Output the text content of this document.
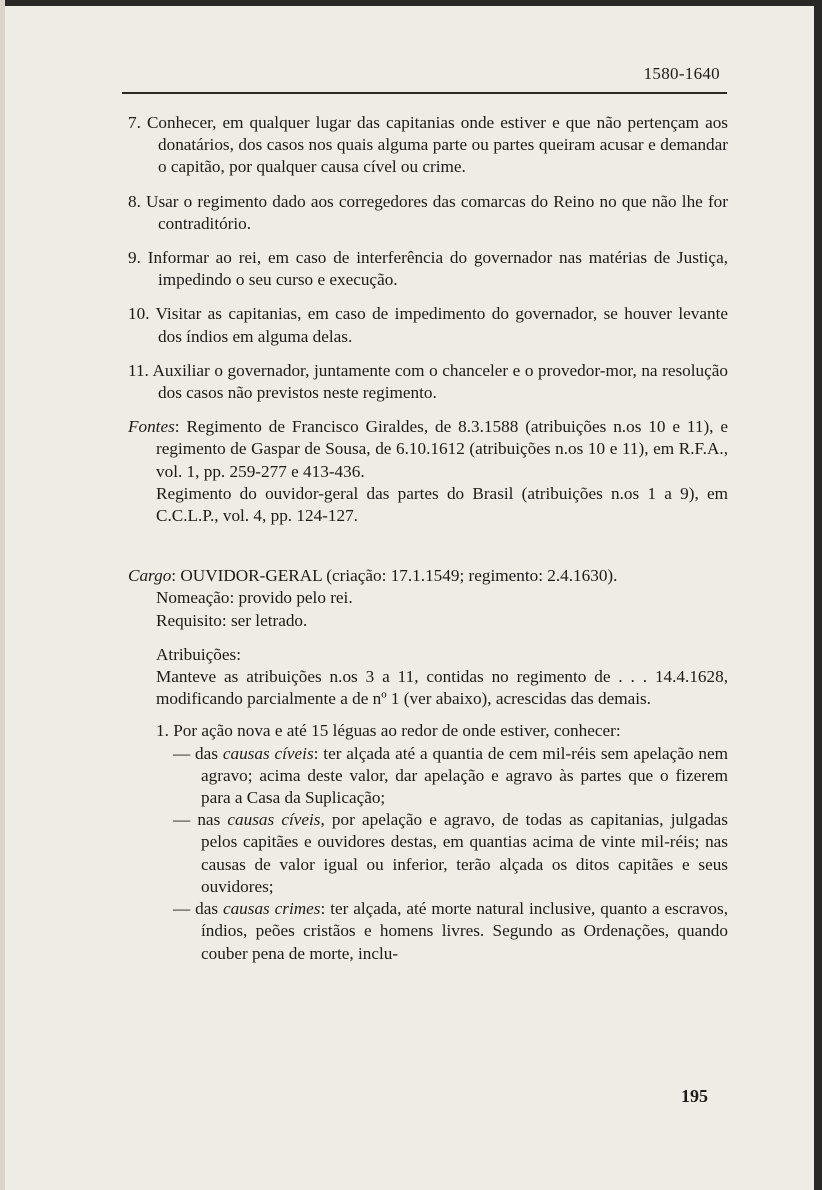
1580-1640

7. Conhecer, em qualquer lugar das capitanias onde estiver e que não pertençam aos donatários, dos casos nos quais alguma parte ou partes queiram acusar e demandar o capitão, por qualquer causa cível ou crime.

8. Usar o regimento dado aos corregedores das comarcas do Reino no que não lhe for contraditório.

9. Informar ao rei, em caso de interferência do governador nas matérias de Justiça, impedindo o seu curso e execução.

10. Visitar as capitanias, em caso de impedimento do governador, se houver levante dos índios em alguma delas.

11. Auxiliar o governador, juntamente com o chanceler e o provedor-mor, na resolução dos casos não previstos neste regimento.

Fontes: Regimento de Francisco Giraldes, de 8.3.1588 (atribuições n.os 10 e 11), e regimento de Gaspar de Sousa, de 6.10.1612 (atribuições n.os 10 e 11), em R.F.A., vol. 1, pp. 259-277 e 413-436.

Regimento do ouvidor-geral das partes do Brasil (atribuições n.os 1 a 9), em C.C.L.P., vol. 4, pp. 124-127.

Cargo: OUVIDOR-GERAL (criação: 17.1.1549; regimento: 2.4.1630).

Nomeação: provido pelo rei.

Requisito: ser letrado.

Atribuições:

Manteve as atribuições n.os 3 a 11, contidas no regimento de . . . 14.4.1628, modificando parcialmente a de nº 1 (ver abaixo), acrescidas das demais.

1. Por ação nova e até 15 léguas ao redor de onde estiver, conhecer:

— das causas cíveis: ter alçada até a quantia de cem mil-réis sem apelação nem agravo; acima deste valor, dar apelação e agravo às partes que o fizerem para a Casa da Suplicação;

— nas causas cíveis, por apelação e agravo, de todas as capitanias, julgadas pelos capitães e ouvidores destas, em quantias acima de vinte mil-réis; nas causas de valor igual ou inferior, terão alçada os ditos capitães e seus ouvidores;

— das causas crimes: ter alçada, até morte natural inclusive, quanto a escravos, índios, peões cristãos e homens livres. Segundo as Ordenações, quando couber pena de morte, inclu-

195
